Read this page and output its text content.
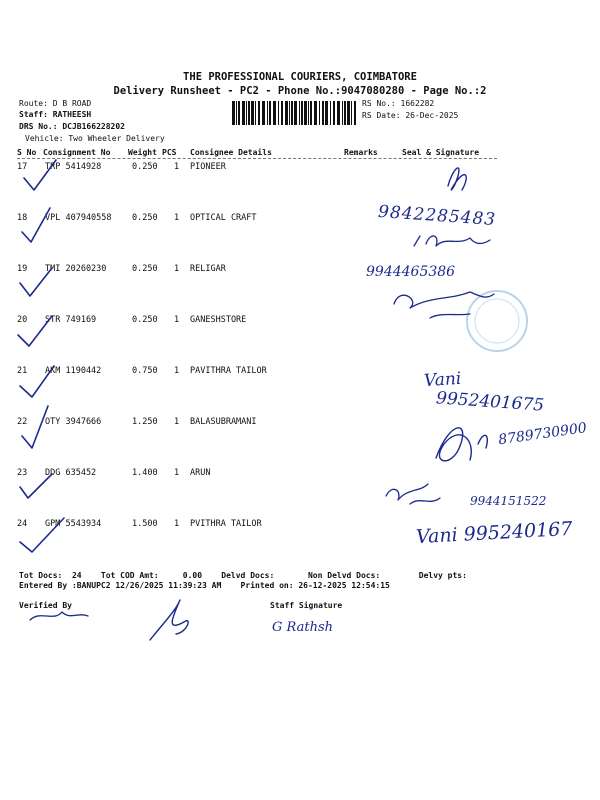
THE PROFESSIONAL COURIERS, COIMBATORE
Delivery Runsheet - PC2 - Phone No.:9047080280 - Page No.:2
Route: D B ROAD
Staff: RATHEESH
DRS No.: DCJB166228202
Vehicle: Two Wheeler Delivery
RS No.: 1662282
RS Date: 26-Dec-2025
S No Consignment No Weight PCS Consignee Details	Remarks	Seal & Signature
17 TRP 5414928	0.250 1 PIONEER
18 VPL 407940558 0.250 1 OPTICAL CRAFT
19 TMI 20260230	0.250 1 RELIGAR
20 STR 749169	0.250 1 GANESHSTORE
21 AKM 1190442	0.750 1 PAVITHRA TAILOR
22 OTY 3947666	1.250 1 BALASUBRAMANI
23 DDG 635452	1.400 1 ARUN
24 GPM 5543934	1.500 1 PVITHRA TAILOR
9842285483
9944465386
Vani
9952401675
8789730900
9944151522
Vani 995240167
Tot Docs:  24    Tot COD Amt:     0.00    Delvd Docs:       Non Delvd Docs:        Delvy pts:
Entered By :BANUPC2 12/26/2025 11:39:23 AM    Printed on: 26-12-2025 12:54:15
Verified By	Staff Signature
G Rathsh
